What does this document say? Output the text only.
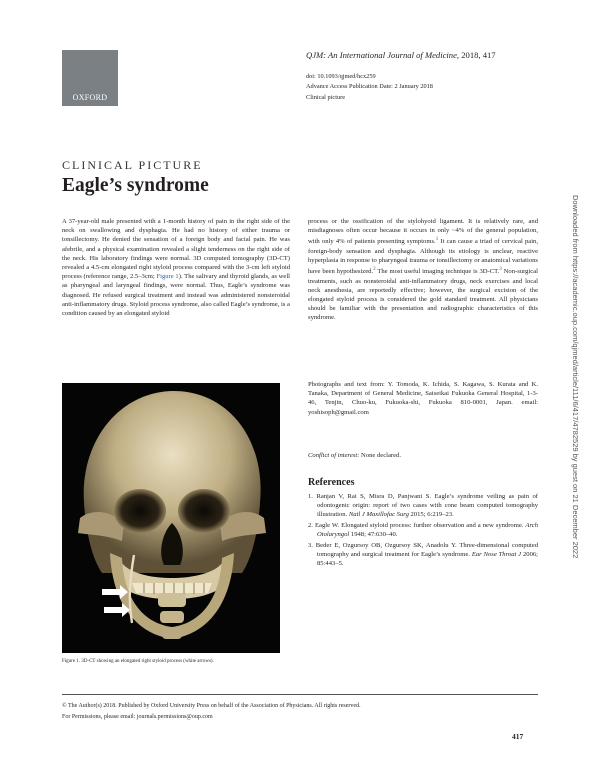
OXFORD
QJM: An International Journal of Medicine, 2018, 417
doi: 10.1093/qjmed/hcx259
Advance Access Publication Date: 2 January 2018
Clinical picture
CLINICAL PICTURE
Eagle’s syndrome
A 37-year-old male presented with a 1-month history of pain in the right side of the neck on swallowing and dysphagia. He had no history of either trauma or tonsillectomy. He denied the sensation of a foreign body and facial pain. He was afebrile, and a physical examination revealed a slight tenderness on the right side of the neck. His laboratory findings were normal. 3D computed tomography (3D-CT) revealed a 4.5-cm elongated right styloid process compared with the 3-cm left styloid process (reference range, 2.5–3cm; Figure 1). The salivary and thyroid glands, as well as pharyngeal and laryngeal findings, were normal. Thus, Eagle’s syndrome was diagnosed. He refused surgical treatment and instead was administered nonsteroidal anti-inflammatory drugs. Styloid process syndrome, also called Eagle’s syndrome, is a condition caused by an elongated styloid
process or the ossification of the stylohyoid ligament. It is relatively rare, and misdiagnoses often occur because it occurs in only ~4% of the general population, with only 4% of patients presenting symptoms.$^1$ It can cause a triad of cervical pain, foreign-body sensation and dysphagia. Although its etiology is unclear, reactive hyperplasia in response to pharyngeal trauma or tonsillectomy or anatomical variations have been hypothesized.$^2$ The most useful imaging technique is 3D-CT.$^3$ Non-surgical treatments, such as nonsteroidal anti-inflammatory drugs, neck exercises and local neck anesthesia, are reportedly effective; however, the surgical excision of the elongated styloid process is considered the gold standard treatment. All physicians should be familiar with the presentation and radiographic characteristics of this syndrome.
Photographs and text from: Y. Tomoda, K. Ichida, S. Kagawa, S. Kurata and K. Tanaka, Department of General Medicine, Saiseikai Fukuoka General Hospital, 1-3-46, Tenjin, Chuo-ku, Fukuoka-shi, Fukuoka 810-0001, Japan. email: yoshisoph@gmail.com
Conflict of interest: None declared.
References
1. Ranjan V, Rai S, Misra D, Panjwani S. Eagle’s syndrome veiling as pain of odontogenic origin: report of two cases with cone beam computed tomography illustration. Natl J Maxillofac Surg 2015; 6:219–23.
2. Eagle W. Elongated styloid process: further observation and a new syndrome. Arch Otolaryngol 1948; 47:630–40.
3. Beder E, Ozgursoy OB, Ozgursoy SK, Anadolu Y. Three-dimensional computed tomography and surgical treatment for Eagle’s syndrome. Ear Nose Throat J 2006; 85:443–5.
Figure 1. 3D-CT showing an elongated right styloid process (white arrows).
© The Author(s) 2018. Published by Oxford University Press on behalf of the Association of Physicians. All rights reserved.
For Permissions, please email: journals.permissions@oup.com
417
Downloaded from https://academic.oup.com/qjmed/article/111/6/417/4782529 by guest on 21 December 2022
